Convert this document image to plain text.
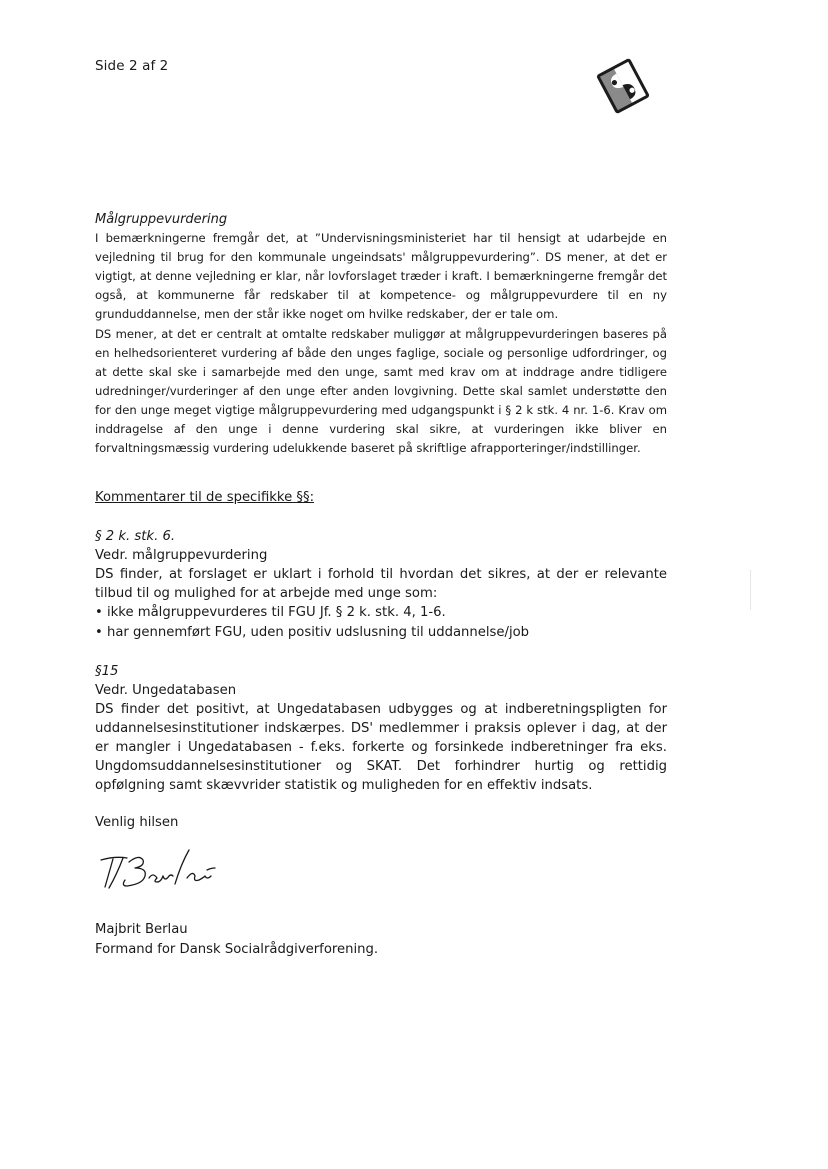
Side 2 af 2
Målgruppevurdering

I bemærkningerne fremgår det, at ”Undervisningsministeriet har til hensigt at udarbejde en vejledning til brug for den kommunale ungeindsats' målgruppevurdering”. DS mener, at det er vigtigt, at denne vejledning er klar, når lovforslaget træder i kraft. I bemærkningerne fremgår det også, at kommunerne får redskaber til at kompetence- og målgruppevurdere til en ny grunduddannelse, men der står ikke noget om hvilke redskaber, der er tale om.

DS mener, at det er centralt at omtalte redskaber muliggør at målgruppevurderingen baseres på en helhedsorienteret vurdering af både den unges faglige, sociale og personlige udfordringer, og at dette skal ske i samarbejde med den unge, samt med krav om at inddrage andre tidligere udredninger/vurderinger af den unge efter anden lovgivning. Dette skal samlet understøtte den for den unge meget vigtige målgruppevurdering med udgangspunkt i § 2 k stk. 4 nr. 1-6. Krav om inddragelse af den unge i denne vurdering skal sikre, at vurderingen ikke bliver en forvaltningsmæssig vurdering udelukkende baseret på skriftlige afrapporteringer/indstillinger.

Kommentarer til de specifikke §§:

§ 2 k. stk. 6.

Vedr. målgruppevurdering

DS finder, at forslaget er uklart i forhold til hvordan det sikres, at der er relevante tilbud til og mulighed for at arbejde med unge som:

• ikke målgruppevurderes til FGU Jf. § 2 k. stk. 4, 1-6.

• har gennemført FGU, uden positiv udslusning til uddannelse/job

§15

Vedr. Ungedatabasen

DS finder det positivt, at Ungedatabasen udbygges og at indberetningspligten for uddannelsesinstitutioner indskærpes. DS' medlemmer i praksis oplever i dag, at der er mangler i Ungedatabasen - f.eks. forkerte og forsinkede indberetninger fra eks. Ungdomsuddannelsesinstitutioner og SKAT. Det forhindrer hurtig og rettidig opfølgning samt skævvrider statistik og muligheden for en effektiv indsats.

Venlig hilsen

Majbrit Berlau

Formand for Dansk Socialrådgiverforening.
